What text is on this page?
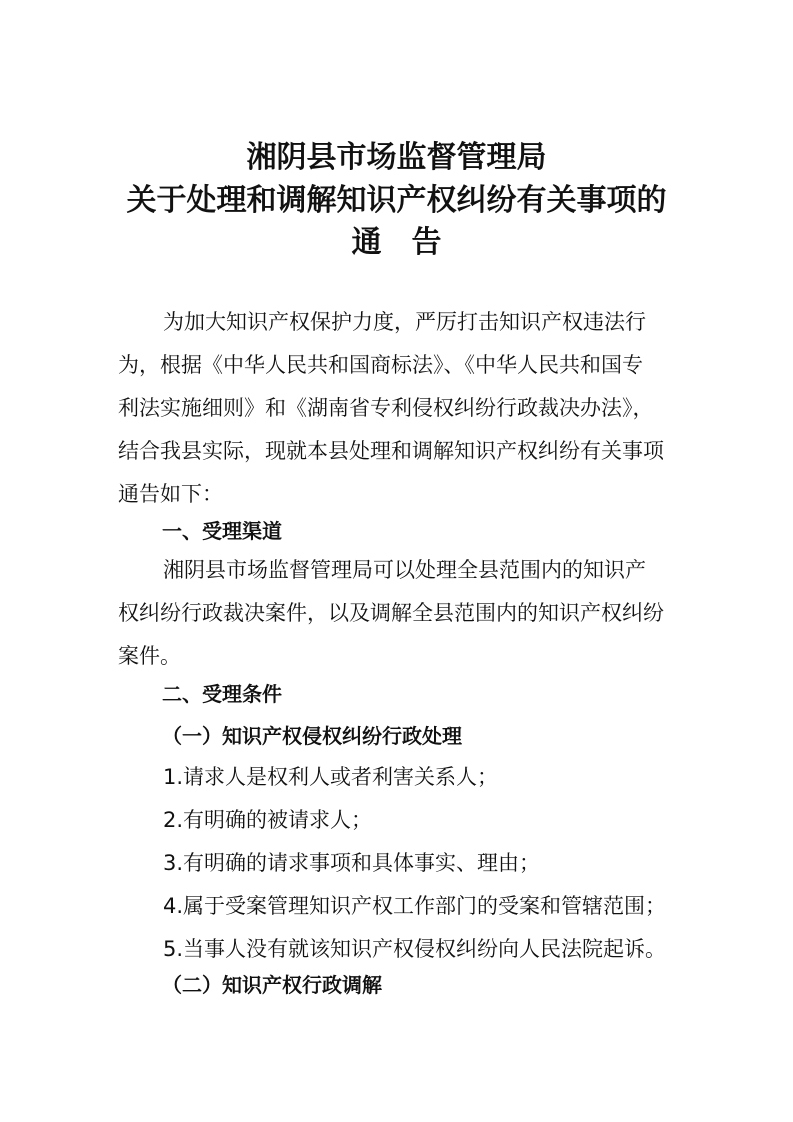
湘阴县市场监督管理局
关于处理和调解知识产权纠纷有关事项的
通 告
为加大知识产权保护力度，严厉打击知识产权违法行
为，根据《中华人民共和国商标法》、《中华人民共和国专
利法实施细则》和《湖南省专利侵权纠纷行政裁决办法》，
结合我县实际，现就本县处理和调解知识产权纠纷有关事项
通告如下：
一、受理渠道
湘阴县市场监督管理局可以处理全县范围内的知识产
权纠纷行政裁决案件，以及调解全县范围内的知识产权纠纷
案件。
二、受理条件
（一）知识产权侵权纠纷行政处理
1.请求人是权利人或者利害关系人；
2.有明确的被请求人；
3.有明确的请求事项和具体事实、理由；
4.属于受案管理知识产权工作部门的受案和管辖范围；
5.当事人没有就该知识产权侵权纠纷向人民法院起诉。
（二）知识产权行政调解
